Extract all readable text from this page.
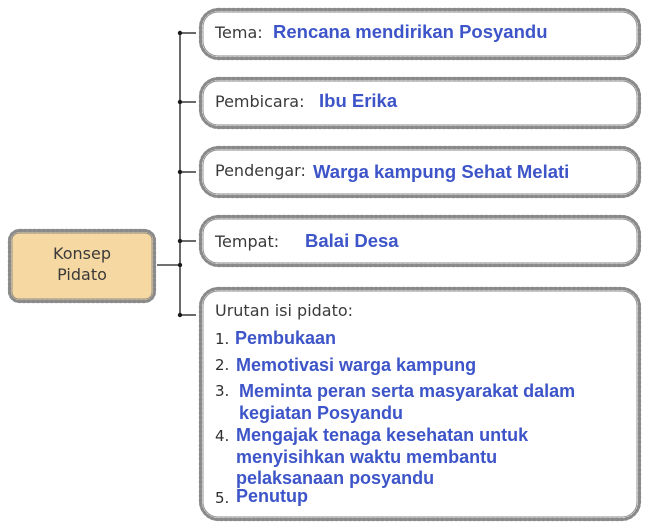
Konsep
Pidato
Tema: Rencana mendirikan Posyandu
Pembicara: Ibu Erika
Pendengar: Warga kampung Sehat Melati
Tempat: Balai Desa
Urutan isi pidato:
1. Pembukaan
2. Memotivasi warga kampung
3. Meminta peran serta masyarakat dalam
kegiatan Posyandu
4. Mengajak tenaga kesehatan untuk
menyisihkan waktu membantu
pelaksanaan posyandu
5. Penutup
